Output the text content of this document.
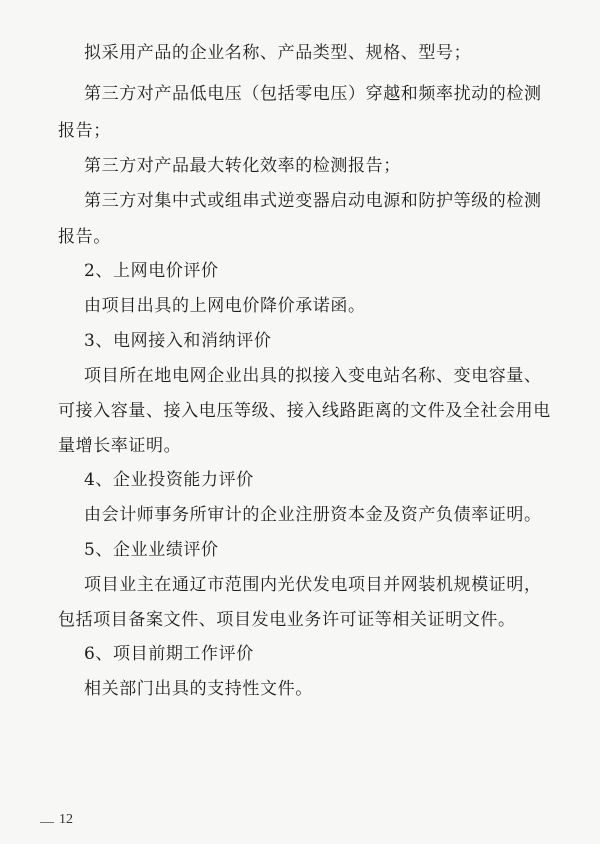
拟采用产品的企业名称、产品类型、规格、型号；
第三方对产品低电压（包括零电压）穿越和频率扰动的检测
报告；
第三方对产品最大转化效率的检测报告；
第三方对集中式或组串式逆变器启动电源和防护等级的检测
报告。
2、上网电价评价
由项目出具的上网电价降价承诺函。
3、电网接入和消纳评价
项目所在地电网企业出具的拟接入变电站名称、变电容量、
可接入容量、接入电压等级、接入线路距离的文件及全社会用电
量增长率证明。
4、企业投资能力评价
由会计师事务所审计的企业注册资本金及资产负债率证明。
5、企业业绩评价
项目业主在通辽市范围内光伏发电项目并网装机规模证明，
包括项目备案文件、项目发电业务许可证等相关证明文件。
6、项目前期工作评价
相关部门出具的支持性文件。
12
